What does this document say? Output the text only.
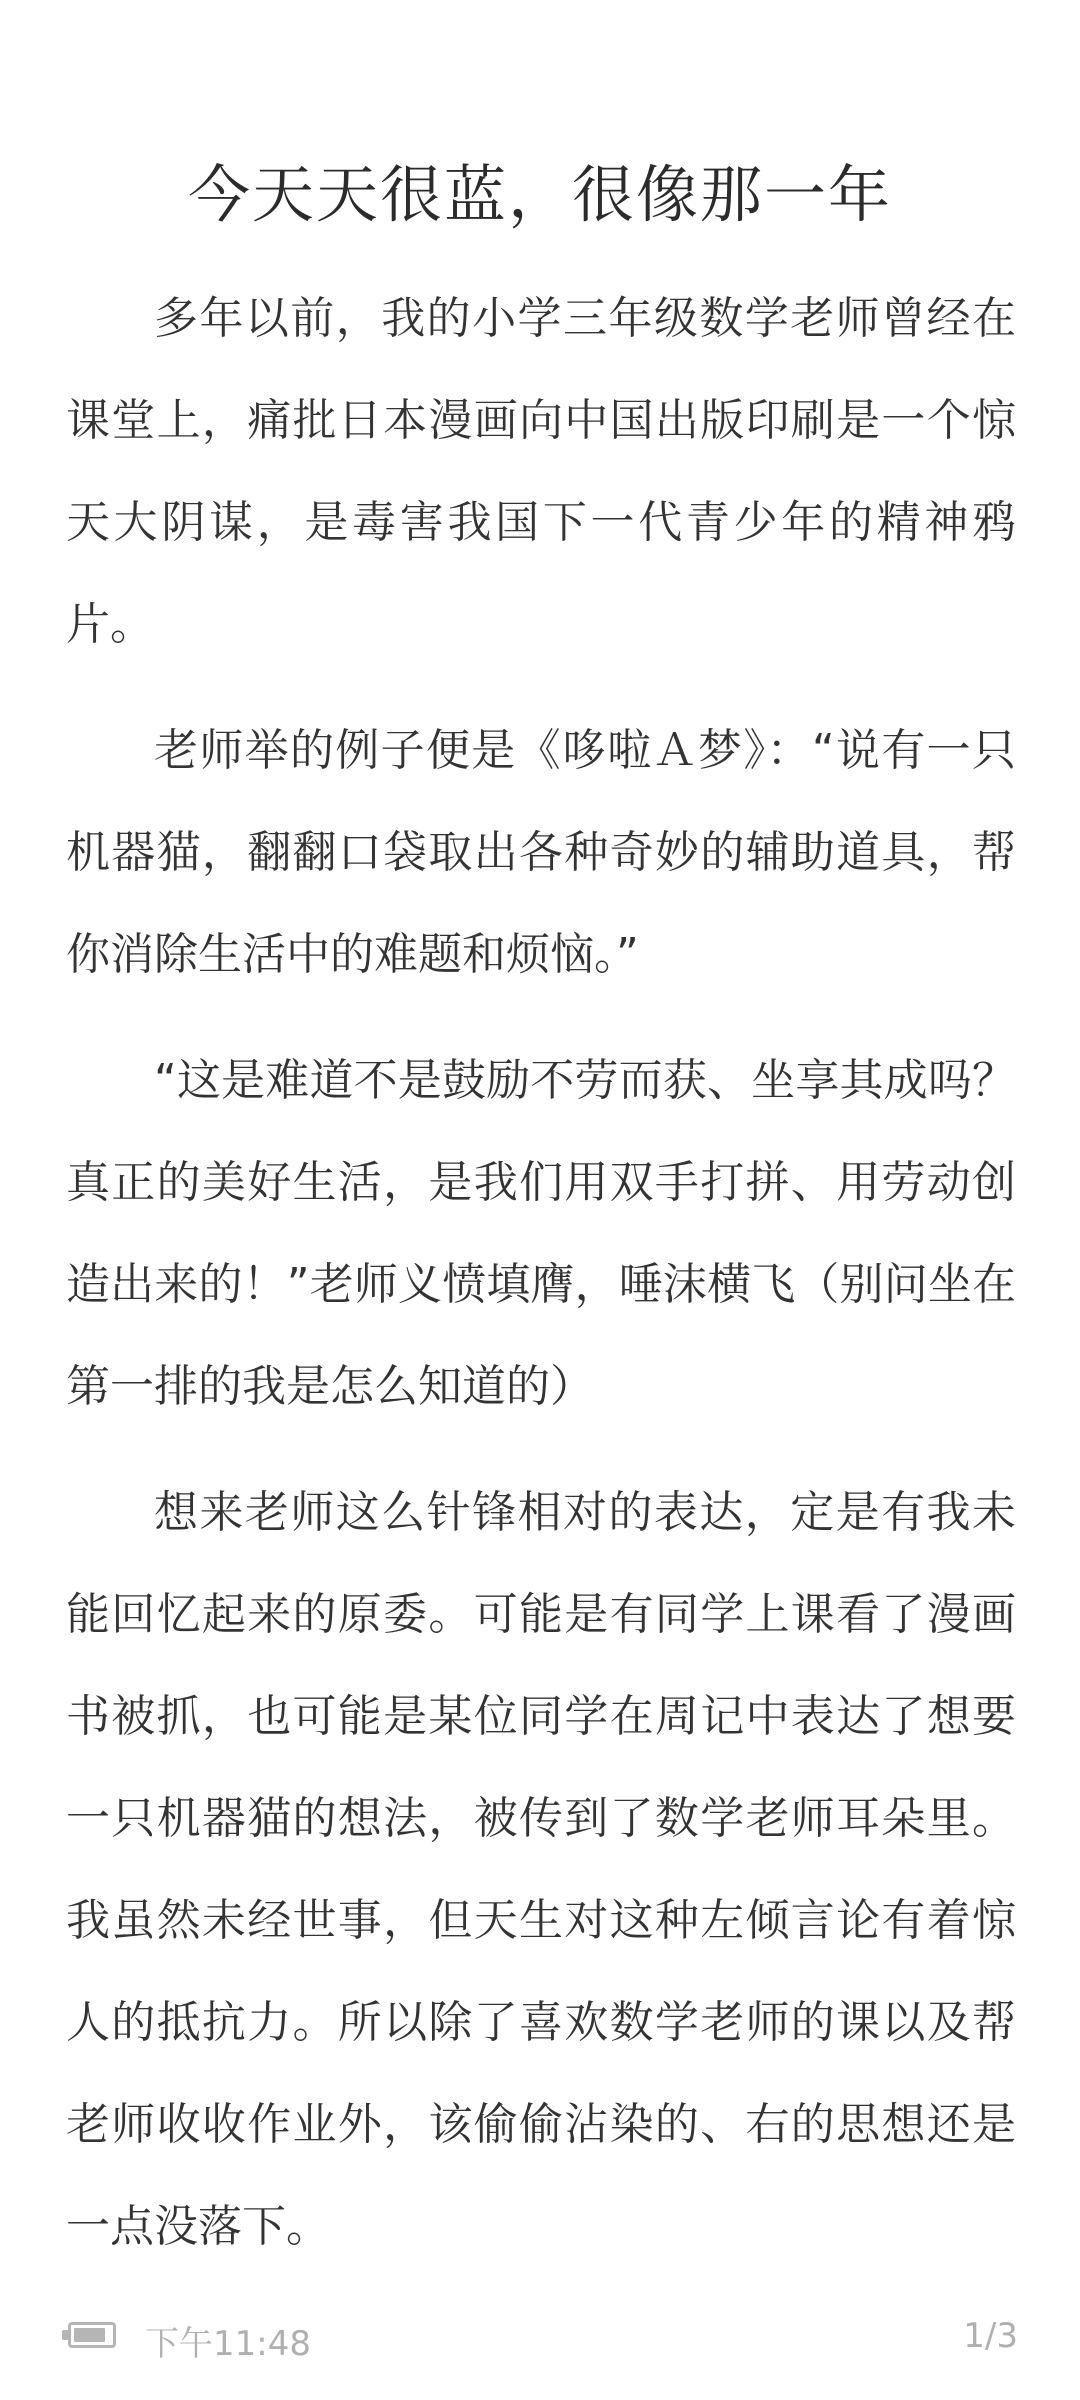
今天天很蓝，很像那一年

多年以前，我的小学三年级数学老师曾经在课堂上，痛批日本漫画向中国出版印刷是一个惊天大阴谋，是毒害我国下一代青少年的精神鸦片。

老师举的例子便是《哆啦Ａ梦》：“说有一只机器猫，翻翻口袋取出各种奇妙的辅助道具，帮你消除生活中的难题和烦恼。”

“这是难道不是鼓励不劳而获、坐享其成吗？真正的美好生活，是我们用双手打拼、用劳动创造出来的！”老师义愤填膺，唾沫横飞（别问坐在第一排的我是怎么知道的）

想来老师这么针锋相对的表达，定是有我未能回忆起来的原委。可能是有同学上课看了漫画书被抓，也可能是某位同学在周记中表达了想要一只机器猫的想法，被传到了数学老师耳朵里。我虽然未经世事，但天生对这种左倾言论有着惊人的抵抗力。所以除了喜欢数学老师的课以及帮老师收收作业外，该偷偷沾染的、右的思想还是一点没落下。

下午11:48	1/3
